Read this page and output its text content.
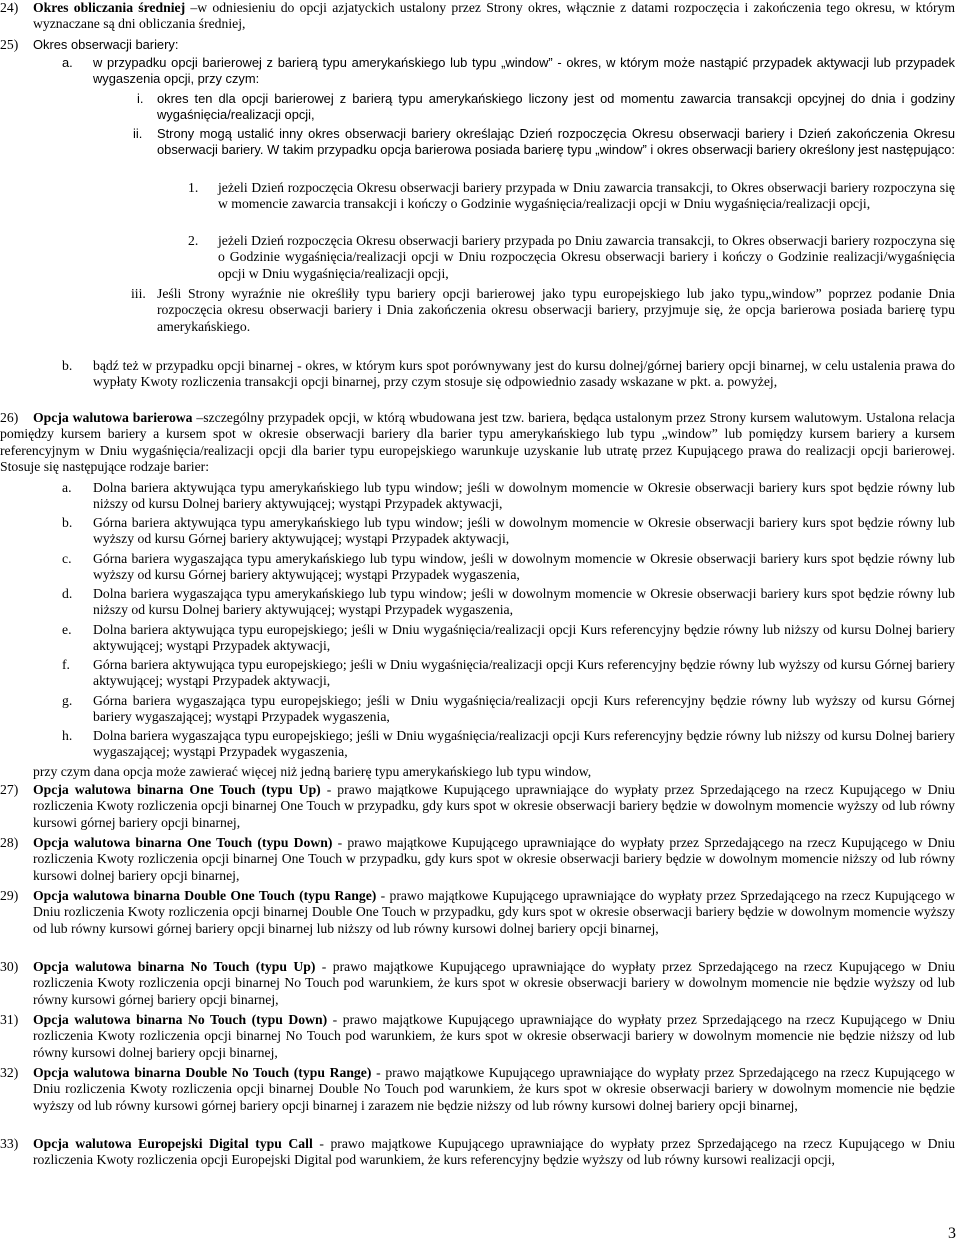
24) Okres obliczania średniej –w odniesieniu do opcji azjatyckich ustalony przez Strony okres, włącznie z datami rozpoczęcia i zakończenia tego okresu, w którym wyznaczane są dni obliczania średniej,
25) Okres obserwacji bariery:
a. w przypadku opcji barierowej z barierą typu amerykańskiego lub typu „window” - okres, w którym może nastąpić przypadek aktywacji lub przypadek wygaszenia opcji, przy czym:
i. okres ten dla opcji barierowej z barierą typu amerykańskiego liczony jest od momentu zawarcia transakcji opcyjnej do dnia i godziny wygaśnięcia/realizacji opcji,
ii. Strony mogą ustalić inny okres obserwacji bariery określając Dzień rozpoczęcia Okresu obserwacji bariery i Dzień zakończenia Okresu obserwacji bariery. W takim przypadku opcja barierowa posiada barierę typu „window” i okres obserwacji bariery określony jest następująco:
1. jeżeli Dzień rozpoczęcia Okresu obserwacji bariery przypada w Dniu zawarcia transakcji, to Okres obserwacji bariery rozpoczyna się w momencie zawarcia transakcji i kończy o Godzinie wygaśnięcia/realizacji opcji w Dniu wygaśnięcia/realizacji opcji,
2. jeżeli Dzień rozpoczęcia Okresu obserwacji bariery przypada po Dniu zawarcia transakcji, to Okres obserwacji bariery rozpoczyna się o Godzinie wygaśnięcia/realizacji opcji w Dniu rozpoczęcia Okresu obserwacji bariery i kończy o Godzinie realizacji/wygaśnięcia opcji w Dniu wygaśnięcia/realizacji opcji,
iii. Jeśli Strony wyraźnie nie określiły typu bariery opcji barierowej jako typu europejskiego lub jako typu„window” poprzez podanie Dnia rozpoczęcia okresu obserwacji bariery i Dnia zakończenia okresu obserwacji bariery, przyjmuje się, że opcja barierowa posiada barierę typu amerykańskiego.
b. bądź też w przypadku opcji binarnej - okres, w którym kurs spot porównywany jest do kursu dolnej/górnej bariery opcji binarnej, w celu ustalenia prawa do wypłaty Kwoty rozliczenia transakcji opcji binarnej, przy czym stosuje się odpowiednio zasady wskazane w pkt. a. powyżej,
26)	Opcja walutowa barierowa –szczególny przypadek opcji, w którą wbudowana jest tzw. bariera, będąca ustalonym przez Strony kursem walutowym. Ustalona relacja pomiędzy kursem bariery a kursem spot w okresie obserwacji bariery dla barier typu amerykańskiego lub typu „window” lub pomiędzy kursem bariery a kursem referencyjnym w Dniu wygaśnięcia/realizacji opcji dla barier typu europejskiego warunkuje uzyskanie lub utratę przez Kupującego prawa do realizacji opcji barierowej. Stosuje się następujące rodzaje barier:
a. Dolna bariera aktywująca typu amerykańskiego lub typu window; jeśli w dowolnym momencie w Okresie obserwacji bariery kurs spot będzie równy lub niższy od kursu Dolnej bariery aktywującej; wystąpi Przypadek aktywacji,
b. Górna bariera aktywująca typu amerykańskiego lub typu window; jeśli w dowolnym momencie w Okresie obserwacji bariery kurs spot będzie równy lub wyższy od kursu Górnej bariery aktywującej; wystąpi Przypadek aktywacji,
c. Górna bariera wygaszająca typu amerykańskiego lub typu window, jeśli w dowolnym momencie w Okresie obserwacji bariery kurs spot będzie równy lub wyższy od kursu Górnej bariery aktywującej; wystąpi Przypadek wygaszenia,
d. Dolna bariera wygaszająca typu amerykańskiego lub typu window; jeśli w dowolnym momencie w Okresie obserwacji bariery kurs spot będzie równy lub niższy od kursu Dolnej bariery aktywującej; wystąpi Przypadek wygaszenia,
e. Dolna bariera aktywująca typu europejskiego; jeśli w Dniu wygaśnięcia/realizacji opcji Kurs referencyjny będzie równy lub niższy od kursu Dolnej bariery aktywującej; wystąpi Przypadek aktywacji,
f. Górna bariera aktywująca typu europejskiego; jeśli w Dniu wygaśnięcia/realizacji opcji Kurs referencyjny będzie równy lub wyższy od kursu Górnej bariery aktywującej; wystąpi Przypadek aktywacji,
g. Górna bariera wygaszająca typu europejskiego; jeśli w Dniu wygaśnięcia/realizacji opcji Kurs referencyjny będzie równy lub wyższy od kursu Górnej bariery wygaszającej; wystąpi Przypadek wygaszenia,
h. Dolna bariera wygaszająca typu europejskiego; jeśli w Dniu wygaśnięcia/realizacji opcji Kurs referencyjny będzie równy lub niższy od kursu Dolnej bariery wygaszającej; wystąpi Przypadek wygaszenia,
przy czym dana opcja może zawierać więcej niż jedną barierę typu amerykańskiego lub typu window,
27) Opcja walutowa binarna One Touch (typu Up) - prawo majątkowe Kupującego uprawniające do wypłaty przez Sprzedającego na rzecz Kupującego w Dniu rozliczenia Kwoty rozliczenia opcji binarnej One Touch w przypadku, gdy kurs spot w okresie obserwacji bariery będzie w dowolnym momencie wyższy od lub równy kursowi górnej bariery opcji binarnej,
28) Opcja walutowa binarna One Touch (typu Down) - prawo majątkowe Kupującego uprawniające do wypłaty przez Sprzedającego na rzecz Kupującego w Dniu rozliczenia Kwoty rozliczenia opcji binarnej One Touch w przypadku, gdy kurs spot w okresie obserwacji bariery będzie w dowolnym momencie niższy od lub równy kursowi dolnej bariery opcji binarnej,
29) Opcja walutowa binarna Double One Touch (typu Range) - prawo majątkowe Kupującego uprawniające do wypłaty przez Sprzedającego na rzecz Kupującego w Dniu rozliczenia Kwoty rozliczenia opcji binarnej Double One Touch w przypadku, gdy kurs spot w okresie obserwacji bariery będzie w dowolnym momencie wyższy od lub równy kursowi górnej bariery opcji binarnej lub niższy od lub równy kursowi dolnej bariery opcji binarnej,
30) Opcja walutowa binarna No Touch (typu Up) - prawo majątkowe Kupującego uprawniające do wypłaty przez Sprzedającego na rzecz Kupującego w Dniu rozliczenia Kwoty rozliczenia opcji binarnej No Touch pod warunkiem, że kurs spot w okresie obserwacji bariery w dowolnym momencie nie będzie wyższy od lub równy kursowi górnej bariery opcji binarnej,
31) Opcja walutowa binarna No Touch (typu Down) - prawo majątkowe Kupującego uprawniające do wypłaty przez Sprzedającego na rzecz Kupującego w Dniu rozliczenia Kwoty rozliczenia opcji binarnej No Touch pod warunkiem, że kurs spot w okresie obserwacji bariery w dowolnym momencie nie będzie niższy od lub równy kursowi dolnej bariery opcji binarnej,
32) Opcja walutowa binarna Double No Touch (typu Range) - prawo majątkowe Kupującego uprawniające do wypłaty przez Sprzedającego na rzecz Kupującego w Dniu rozliczenia Kwoty rozliczenia opcji binarnej Double No Touch pod warunkiem, że kurs spot w okresie obserwacji bariery w dowolnym momencie nie będzie wyższy od lub równy kursowi górnej bariery opcji binarnej i zarazem nie będzie niższy od lub równy kursowi dolnej bariery opcji binarnej,
33) Opcja walutowa Europejski Digital typu Call - prawo majątkowe Kupującego uprawniające do wypłaty przez Sprzedającego na rzecz Kupującego w Dniu rozliczenia Kwoty rozliczenia opcji Europejski Digital pod warunkiem, że kurs referencyjny będzie wyższy od lub równy kursowi realizacji opcji,
3
